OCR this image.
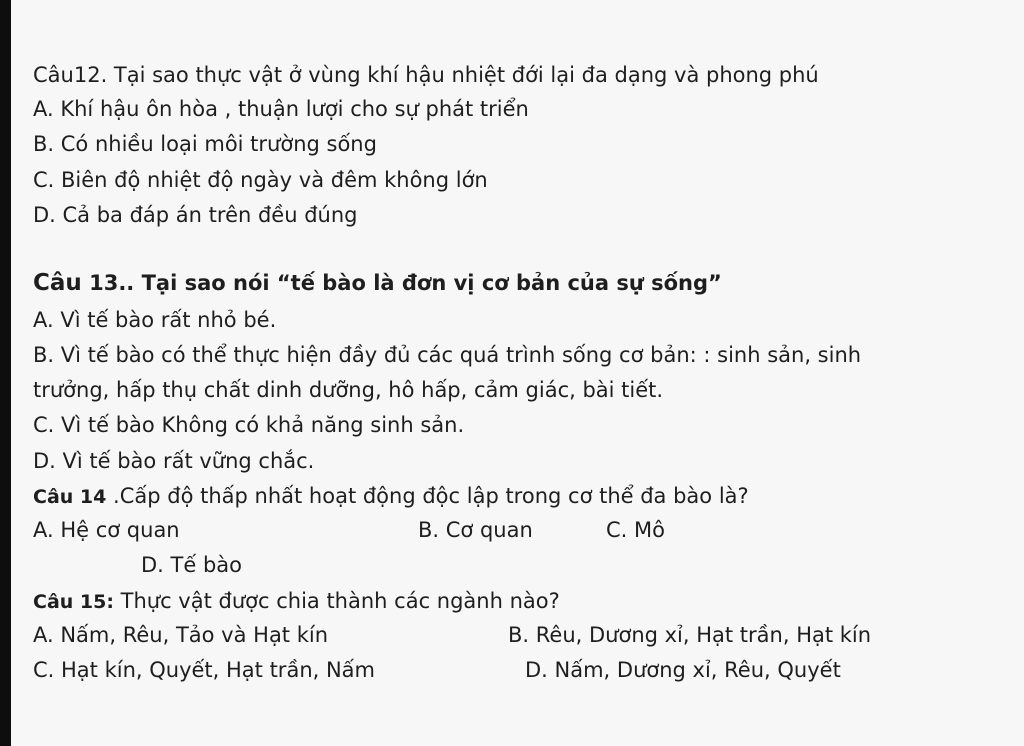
Câu12. Tại sao thực vật ở vùng khí hậu nhiệt đới lại đa dạng và phong phú
A. Khí hậu ôn hòa , thuận lượi cho sự phát triển
B. Có nhiều loại môi trường sống
C. Biên độ nhiệt độ ngày và đêm không lớn
D. Cả ba đáp án trên đều đúng
Câu 13.. Tại sao nói “tế bào là đơn vị cơ bản của sự sống”
A. Vì tế bào rất nhỏ bé.
B. Vì tế bào có thể thực hiện đầy đủ các quá trình sống cơ bản: : sinh sản, sinh
trưởng, hấp thụ chất dinh dưỡng, hô hấp, cảm giác, bài tiết.
C. Vì tế bào Không có khả năng sinh sản.
D. Vì tế bào rất vững chắc.
Câu 14 .Cấp độ thấp nhất hoạt động độc lập trong cơ thể đa bào là?
A. Hệ cơ quan	B. Cơ quan	C. Mô
D. Tế bào
Câu 15: Thực vật được chia thành các ngành nào?
A. Nấm, Rêu, Tảo và Hạt kín	B. Rêu, Dương xỉ, Hạt trần, Hạt kín
C. Hạt kín, Quyết, Hạt trần, Nấm	D. Nấm, Dương xỉ, Rêu, Quyết
